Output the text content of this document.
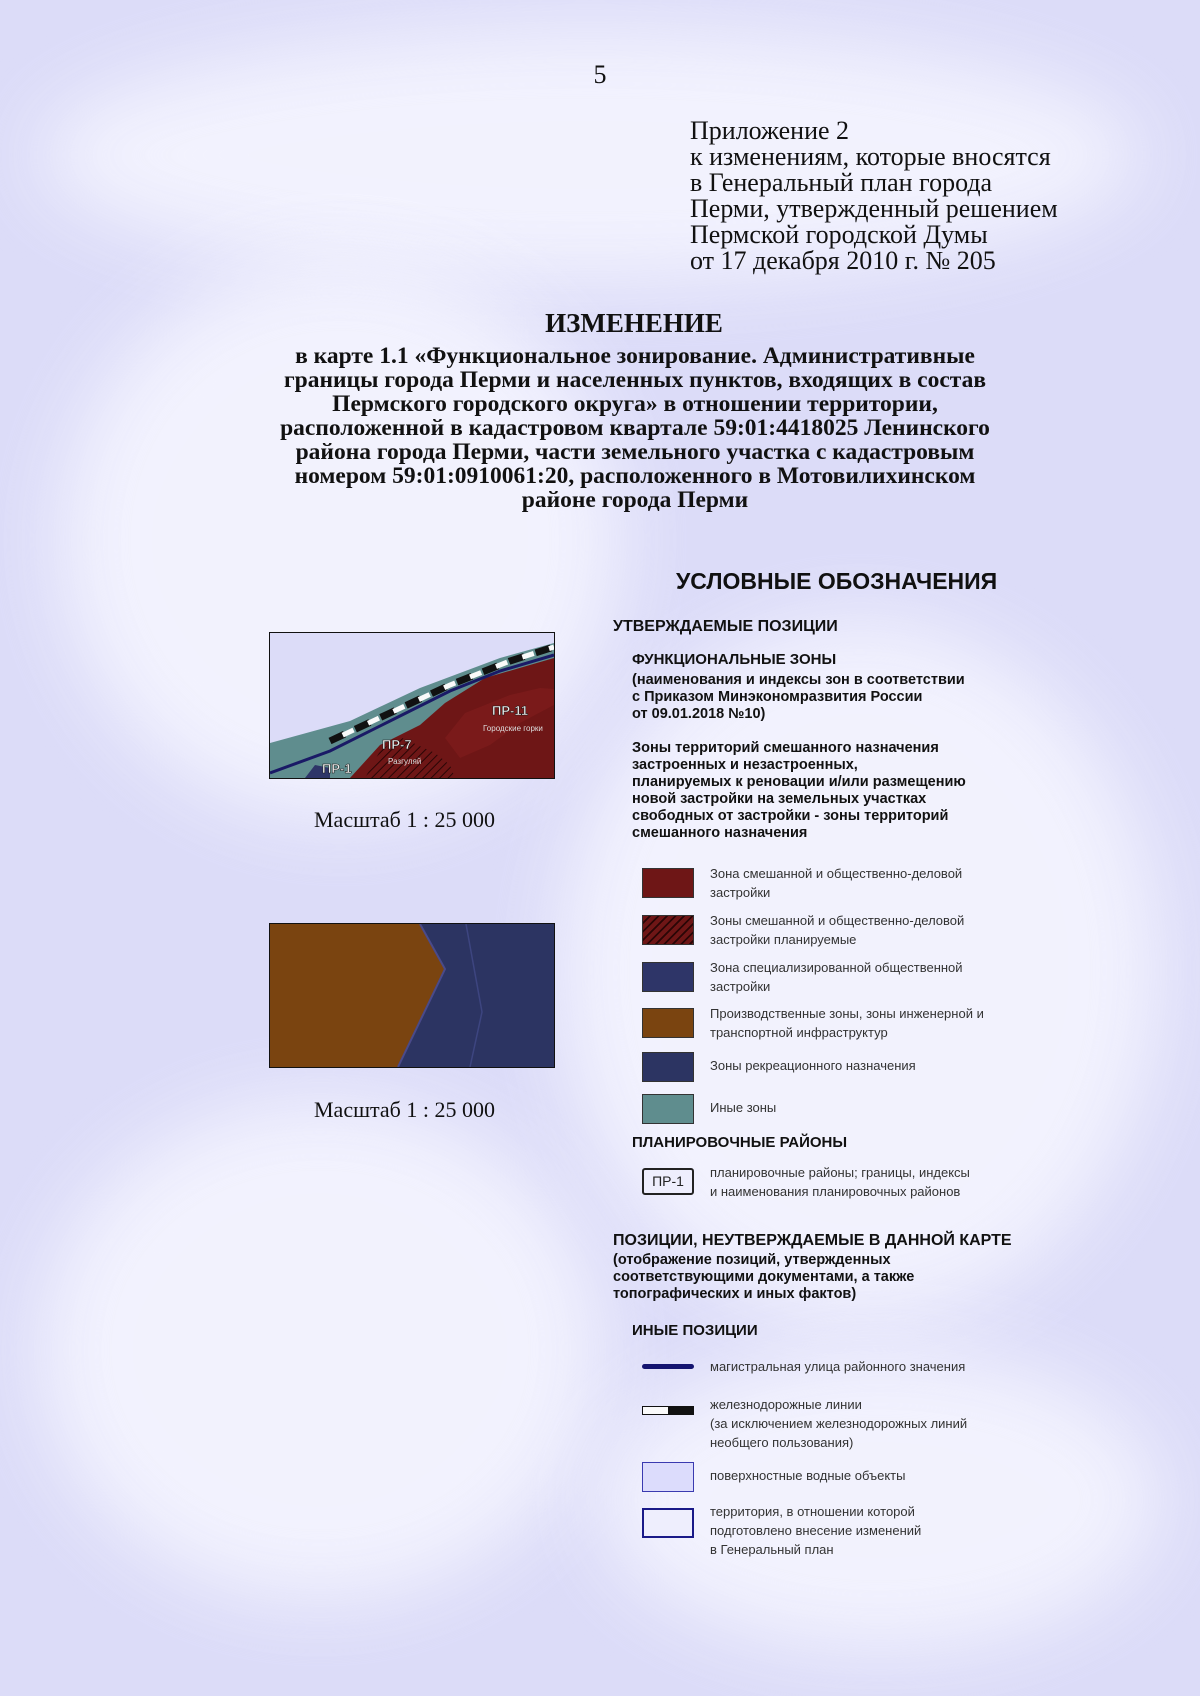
5
Приложение 2
к изменениям, которые вносятся
в Генеральный план города
Перми, утвержденный решением
Пермской городской Думы
от 17 декабря 2010 г. № 205
ИЗМЕНЕНИЕ
в карте 1.1 «Функциональное зонирование. Административные
границы города Перми и населенных пунктов, входящих в состав
Пермского городского округа» в отношении территории,
расположенной в кадастровом квартале 59:01:4418025 Ленинского
района города Перми, части земельного участка с кадастровым
номером 59:01:0910061:20, расположенного в Мотовилихинском
районе города Перми
ПР-11
Городские горки
ПР-7
Разгуляй
ПР-1
Масштаб 1 : 25 000
Масштаб 1 : 25 000
УСЛОВНЫЕ ОБОЗНАЧЕНИЯ
УТВЕРЖДАЕМЫЕ ПОЗИЦИИ
ФУНКЦИОНАЛЬНЫЕ ЗОНЫ
(наименования и индексы зон в соответствии
с Приказом Минэкономразвития России
от 09.01.2018 №10)
Зоны территорий смешанного назначения
застроенных и незастроенных,
планируемых к реновации и/или размещению
новой застройки на земельных участках
свободных от застройки - зоны территорий
смешанного назначения
Зона смешанной и общественно-деловой
застройки
Зоны смешанной и общественно-деловой
застройки планируемые
Зона специализированной общественной
застройки
Производственные зоны, зоны инженерной и
транспортной инфраструктур
Зоны рекреационного назначения
Иные зоны
ПЛАНИРОВОЧНЫЕ РАЙОНЫ
ПР-1
планировочные районы; границы, индексы
и наименования планировочных районов
ПОЗИЦИИ, НЕУТВЕРЖДАЕМЫЕ В ДАННОЙ КАРТЕ
(отображение позиций, утвержденных
соответствующими документами, а также
топографических и иных фактов)
ИНЫЕ ПОЗИЦИИ
магистральная улица районного значения
железнодорожные линии
(за исключением железнодорожных линий
необщего пользования)
поверхностные водные объекты
территория, в отношении которой
подготовлено внесение изменений
в Генеральный план
